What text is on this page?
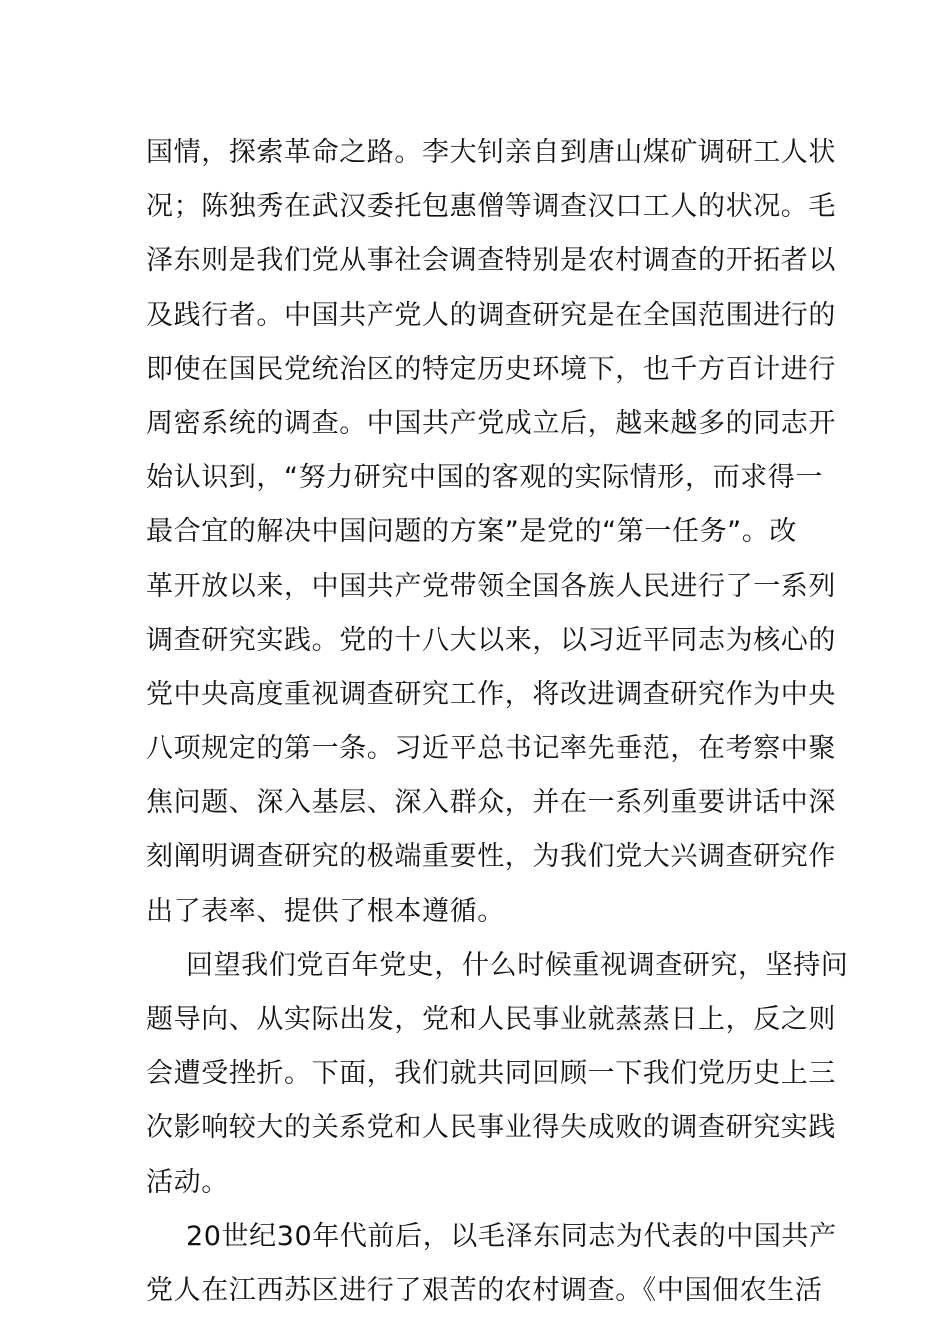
国情，探索革命之路。李大钊亲自到唐山煤矿调研工人状
况；陈独秀在武汉委托包惠僧等调查汉口工人的状况。毛
泽东则是我们党从事社会调查特别是农村调查的开拓者以
及践行者。中国共产党人的调查研究是在全国范围进行的
即使在国民党统治区的特定历史环境下，也千方百计进行
周密系统的调查。中国共产党成立后，越来越多的同志开
始认识到，“努力研究中国的客观的实际情形，而求得一
最合宜的解决中国问题的方案”是党的“第一任务”。改
革开放以来，中国共产党带领全国各族人民进行了一系列
调查研究实践。党的十八大以来，以习近平同志为核心的
党中央高度重视调查研究工作，将改进调查研究作为中央
八项规定的第一条。习近平总书记率先垂范，在考察中聚
焦问题、深入基层、深入群众，并在一系列重要讲话中深
刻阐明调查研究的极端重要性，为我们党大兴调查研究作
出了表率、提供了根本遵循。
回望我们党百年党史，什么时候重视调查研究，坚持问
题导向、从实际出发，党和人民事业就蒸蒸日上，反之则
会遭受挫折。下面，我们就共同回顾一下我们党历史上三
次影响较大的关系党和人民事业得失成败的调查研究实践
活动。
20世纪30年代前后，以毛泽东同志为代表的中国共产
党人在江西苏区进行了艰苦的农村调查。《中国佃农生活
